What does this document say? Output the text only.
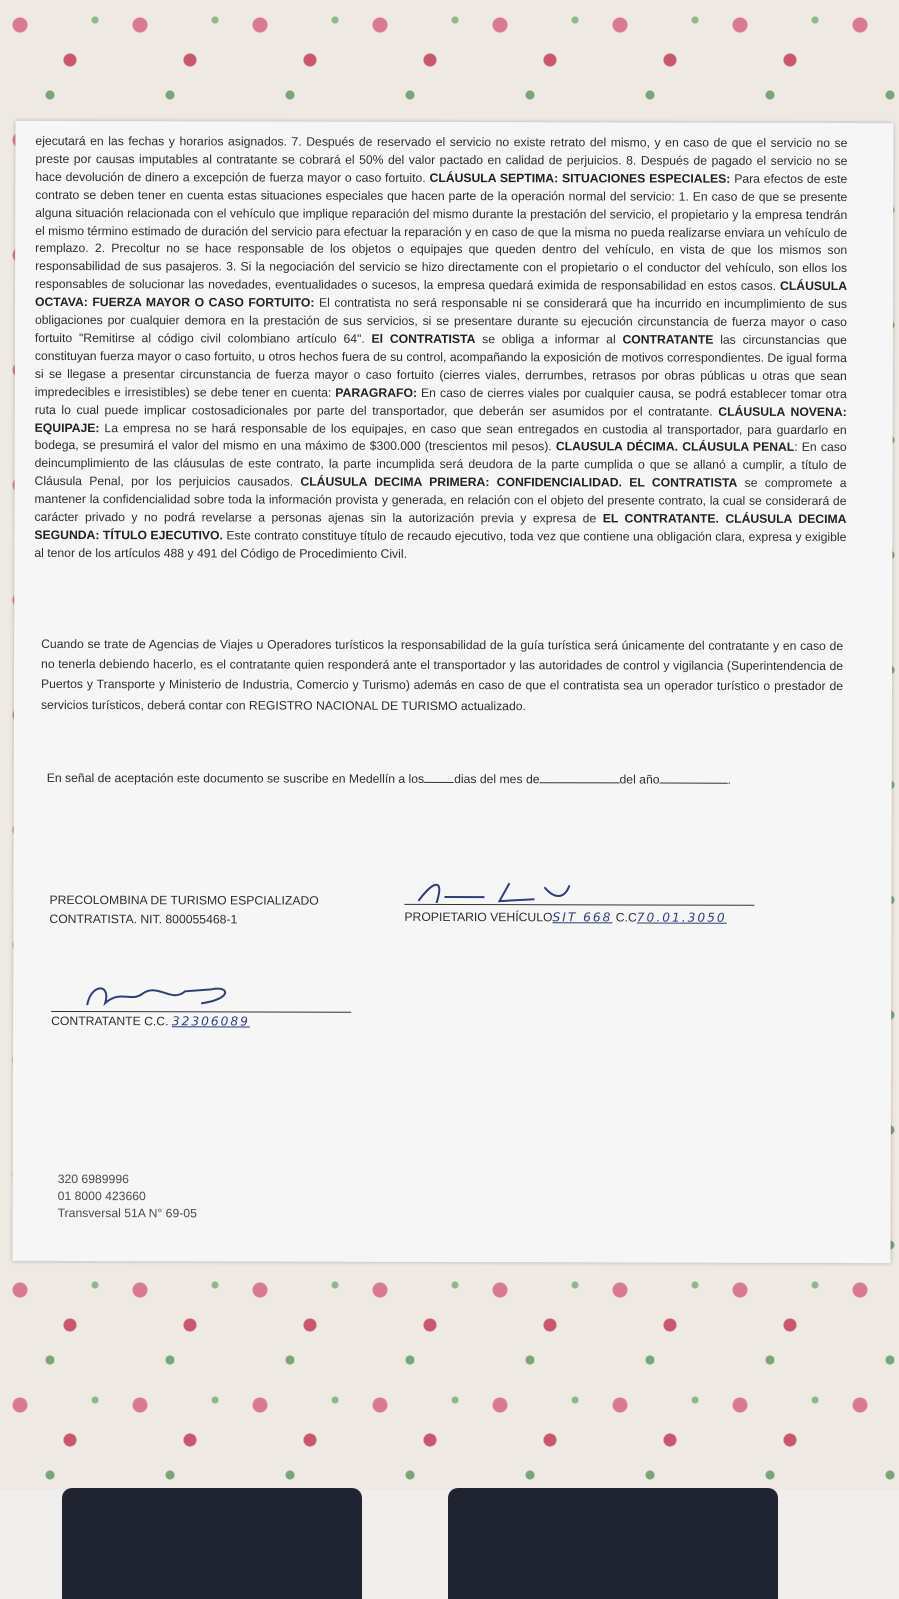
ejecutará en las fechas y horarios asignados. 7. Después de reservado el servicio no existe retrato del mismo, y en caso de que el servicio no se preste por causas imputables al contratante se cobrará el 50% del valor pactado en calidad de perjuicios. 8. Después de pagado el servicio no se hace devolución de dinero a excepción de fuerza mayor o caso fortuito. CLÁUSULA SEPTIMA: SITUACIONES ESPECIALES: Para efectos de este contrato se deben tener en cuenta estas situaciones especiales que hacen parte de la operación normal del servicio: 1. En caso de que se presente alguna situación relacionada con el vehículo que implique reparación del mismo durante la prestación del servicio, el propietario y la empresa tendrán el mismo término estimado de duración del servicio para efectuar la reparación y en caso de que la misma no pueda realizarse enviara un vehículo de remplazo. 2. Precoltur no se hace responsable de los objetos o equipajes que queden dentro del vehículo, en vista de que los mismos son responsabilidad de sus pasajeros. 3. Si la negociación del servicio se hizo directamente con el propietario o el conductor del vehículo, son ellos los responsables de solucionar las novedades, eventualidades o sucesos, la empresa quedará eximida de responsabilidad en estos casos. CLÁUSULA OCTAVA: FUERZA MAYOR O CASO FORTUITO: El contratista no será responsable ni se considerará que ha incurrido en incumplimiento de sus obligaciones por cualquier demora en la prestación de sus servicios, si se presentare durante su ejecución circunstancia de fuerza mayor o caso fortuito "Remitirse al código civil colombiano artículo 64". El CONTRATISTA se obliga a informar al CONTRATANTE las circunstancias que constituyan fuerza mayor o caso fortuito, u otros hechos fuera de su control, acompañando la exposición de motivos correspondientes. De igual forma si se llegase a presentar circunstancia de fuerza mayor o caso fortuito (cierres viales, derrumbes, retrasos por obras públicas u otras que sean impredecibles e irresistibles) se debe tener en cuenta: PARAGRAFO: En caso de cierres viales por cualquier causa, se podrá establecer tomar otra ruta lo cual puede implicar costosadicionales por parte del transportador, que deberán ser asumidos por el contratante. CLÁUSULA NOVENA: EQUIPAJE: La empresa no se hará responsable de los equipajes, en caso que sean entregados en custodia al transportador, para guardarlo en bodega, se presumirá el valor del mismo en una máximo de $300.000 (trescientos mil pesos). CLAUSULA DÉCIMA. CLÁUSULA PENAL: En caso deincumplimiento de las cláusulas de este contrato, la parte incumplida será deudora de la parte cumplida o que se allanó a cumplir, a título de Cláusula Penal, por los perjuicios causados. CLÁUSULA DECIMA PRIMERA: CONFIDENCIALIDAD. EL CONTRATISTA se compromete a mantener la confidencialidad sobre toda la información provista y generada, en relación con el objeto del presente contrato, la cual se considerará de carácter privado y no podrá revelarse a personas ajenas sin la autorización previa y expresa de EL CONTRATANTE. CLÁUSULA DECIMA SEGUNDA: TÍTULO EJECUTIVO. Este contrato constituye título de recaudo ejecutivo, toda vez que contiene una obligación clara, expresa y exigible al tenor de los artículos 488 y 491 del Código de Procedimiento Civil.

Cuando se trate de Agencias de Viajes u Operadores turísticos la responsabilidad de la guía turística será únicamente del contratante y en caso de no tenerla debiendo hacerlo, es el contratante quien responderá ante el transportador y las autoridades de control y vigilancia (Superintendencia de Puertos y Transporte y Ministerio de Industria, Comercio y Turismo) además en caso de que el contratista sea un operador turístico o prestador de servicios turísticos, deberá contar con REGISTRO NACIONAL DE TURISMO actualizado.

En señal de aceptación este documento se suscribe en Medellín a los dias del mes de	del año	.

PRECOLOMBINA DE TURISMO ESPCIALIZADO
CONTRATISTA. NIT. 800055468-1	PROPIETARIO VEHÍCULOSIT 668 C.C70.01.3050
CONTRATANTE C.C. 32306089
320 6989996
01 8000 423660
Transversal 51A N° 69-05
